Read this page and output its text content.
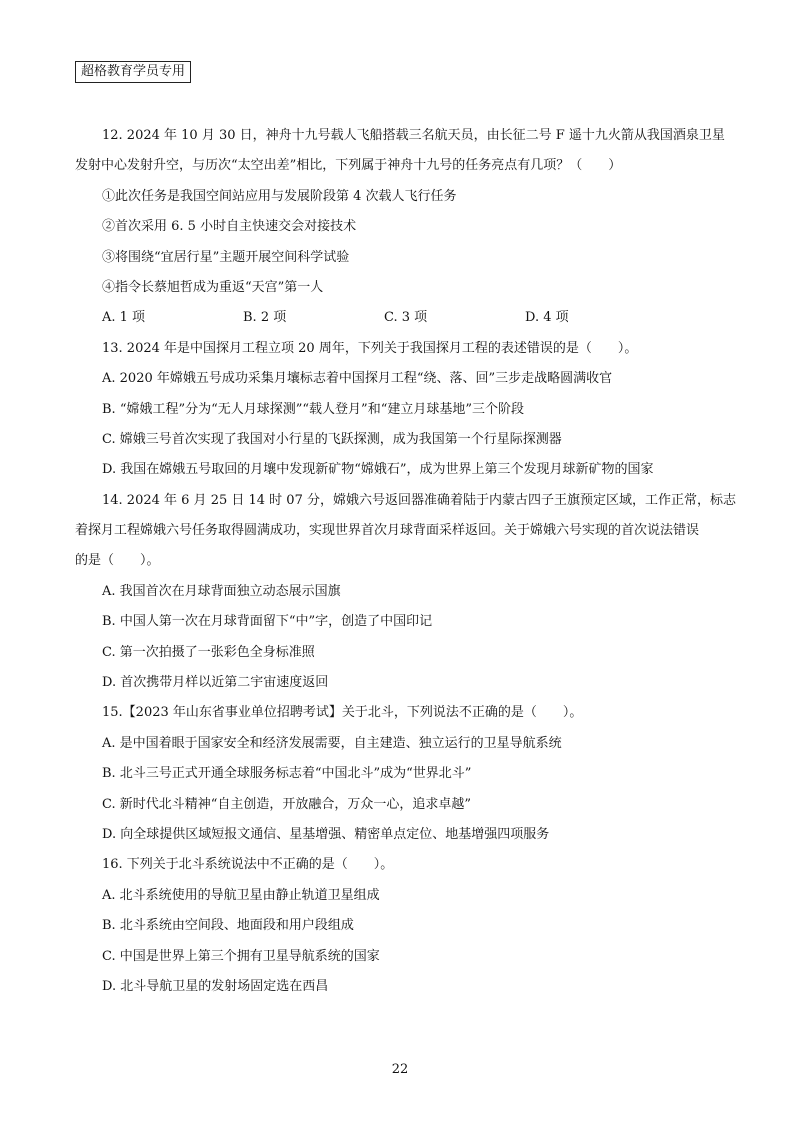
超格教育学员专用
12. 2024 年 10 月 30 日，神舟十九号载人飞船搭载三名航天员，由长征二号 F 遥十九火箭从我国酒泉卫星
发射中心发射升空，与历次“太空出差”相比，下列属于神舟十九号的任务亮点有几项？（　　）
①此次任务是我国空间站应用与发展阶段第 4 次载人飞行任务
②首次采用 6. 5 小时自主快速交会对接技术
③将围绕“宜居行星”主题开展空间科学试验
④指令长蔡旭哲成为重返“天宫”第一人
A. 1 项	B. 2 项	C. 3 项	D. 4 项
13. 2024 年是中国探月工程立项 20 周年，下列关于我国探月工程的表述错误的是（　　）。
A. 2020 年嫦娥五号成功采集月壤标志着中国探月工程“绕、落、回”三步走战略圆满收官
B. “嫦娥工程”分为“无人月球探测”“载人登月”和“建立月球基地”三个阶段
C. 嫦娥三号首次实现了我国对小行星的飞跃探测，成为我国第一个行星际探测器
D. 我国在嫦娥五号取回的月壤中发现新矿物“嫦娥石”，成为世界上第三个发现月球新矿物的国家
14. 2024 年 6 月 25 日 14 时 07 分，嫦娥六号返回器准确着陆于内蒙古四子王旗预定区域，工作正常，标志
着探月工程嫦娥六号任务取得圆满成功，实现世界首次月球背面采样返回。关于嫦娥六号实现的首次说法错误
的是（　　）。
A. 我国首次在月球背面独立动态展示国旗
B. 中国人第一次在月球背面留下“中”字，创造了中国印记
C. 第一次拍摄了一张彩色全身标准照
D. 首次携带月样以近第二宇宙速度返回
15.【2023 年山东省事业单位招聘考试】关于北斗，下列说法不正确的是（　　）。
A. 是中国着眼于国家安全和经济发展需要，自主建造、独立运行的卫星导航系统
B. 北斗三号正式开通全球服务标志着“中国北斗”成为“世界北斗”
C. 新时代北斗精神“自主创造，开放融合，万众一心，追求卓越”
D. 向全球提供区域短报文通信、星基增强、精密单点定位、地基增强四项服务
16. 下列关于北斗系统说法中不正确的是（　　）。
A. 北斗系统使用的导航卫星由静止轨道卫星组成
B. 北斗系统由空间段、地面段和用户段组成
C. 中国是世界上第三个拥有卫星导航系统的国家
D. 北斗导航卫星的发射场固定选在西昌
22
